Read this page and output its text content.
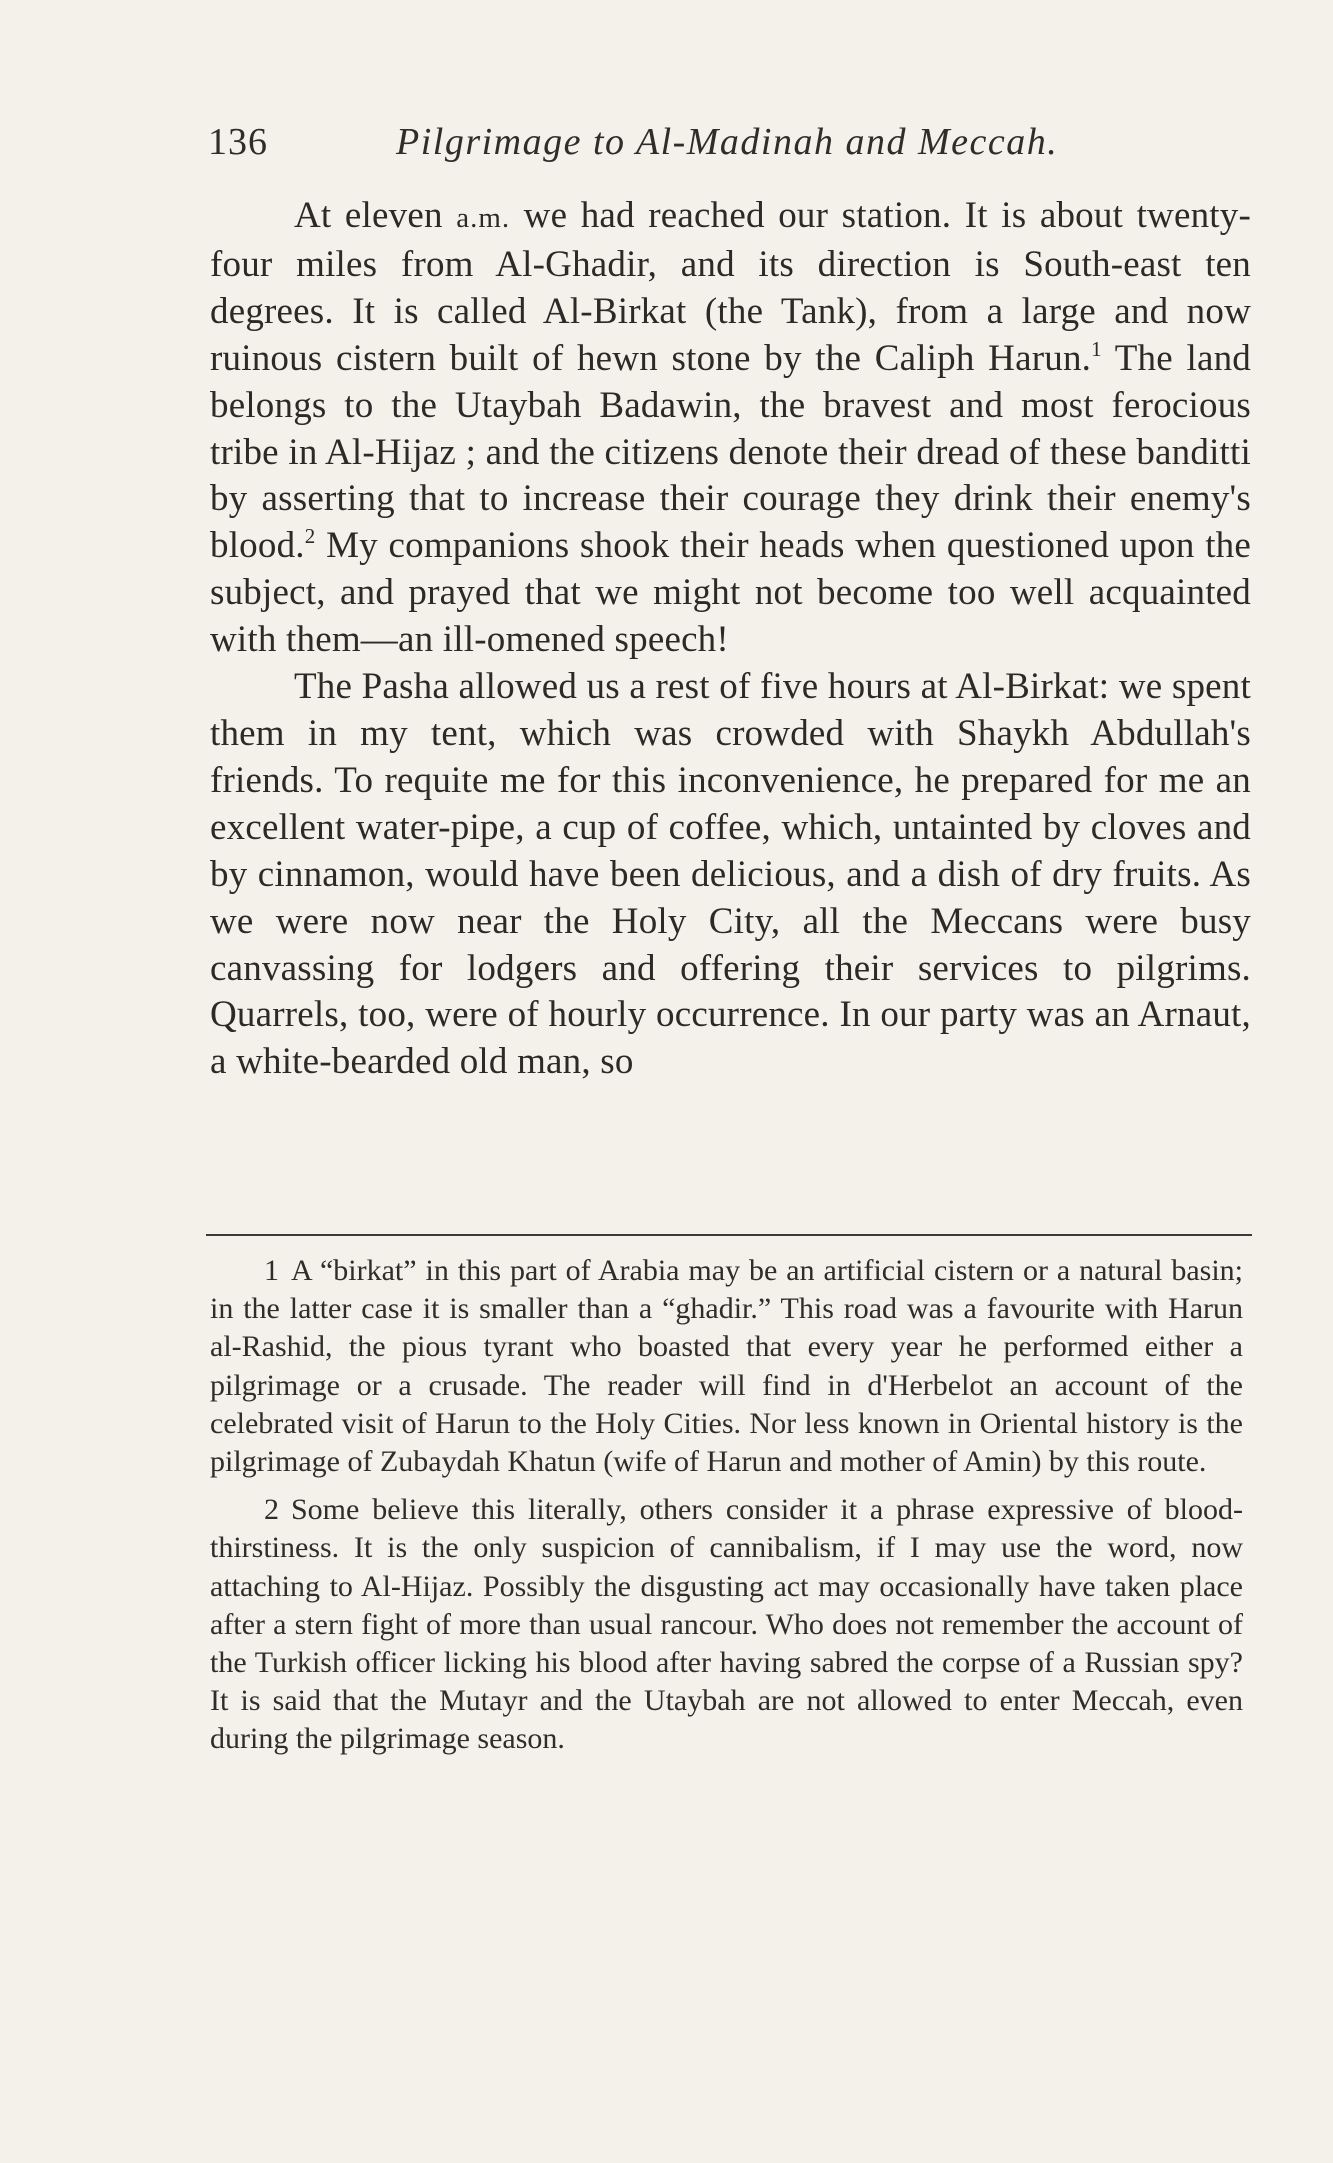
136	Pilgrimage to Al-Madinah and Meccah.

At eleven a.m. we had reached our station. It is about twenty-four miles from Al-Ghadir, and its direction is South-east ten degrees. It is called Al-Birkat (the Tank), from a large and now ruinous cistern built of hewn stone by the Caliph Harun.$^1$ The land belongs to the Utaybah Badawin, the bravest and most ferocious tribe in Al-Hijaz ; and the citizens denote their dread of these banditti by asserting that to increase their courage they drink their enemy's blood.$^2$ My companions shook their heads when questioned upon the subject, and prayed that we might not become too well acquainted with them—an ill-omened speech!

The Pasha allowed us a rest of five hours at Al-Birkat: we spent them in my tent, which was crowded with Shaykh Abdullah's friends. To requite me for this inconvenience, he prepared for me an excellent water-pipe, a cup of coffee, which, untainted by cloves and by cinnamon, would have been delicious, and a dish of dry fruits. As we were now near the Holy City, all the Meccans were busy canvassing for lodgers and offering their services to pilgrims. Quarrels, too, were of hourly occurrence. In our party was an Arnaut, a white-bearded old man, so

1 A “birkat” in this part of Arabia may be an artificial cistern or a natural basin; in the latter case it is smaller than a “ghadir.” This road was a favourite with Harun al-Rashid, the pious tyrant who boasted that every year he performed either a pilgrimage or a crusade. The reader will find in d'Herbelot an account of the celebrated visit of Harun to the Holy Cities. Nor less known in Oriental history is the pilgrimage of Zubaydah Khatun (wife of Harun and mother of Amin) by this route.

2 Some believe this literally, others consider it a phrase expressive of blood-thirstiness. It is the only suspicion of cannibalism, if I may use the word, now attaching to Al-Hijaz. Possibly the disgusting act may occasionally have taken place after a stern fight of more than usual rancour. Who does not remember the account of the Turkish officer licking his blood after having sabred the corpse of a Russian spy? It is said that the Mutayr and the Utaybah are not allowed to enter Meccah, even during the pilgrimage season.
